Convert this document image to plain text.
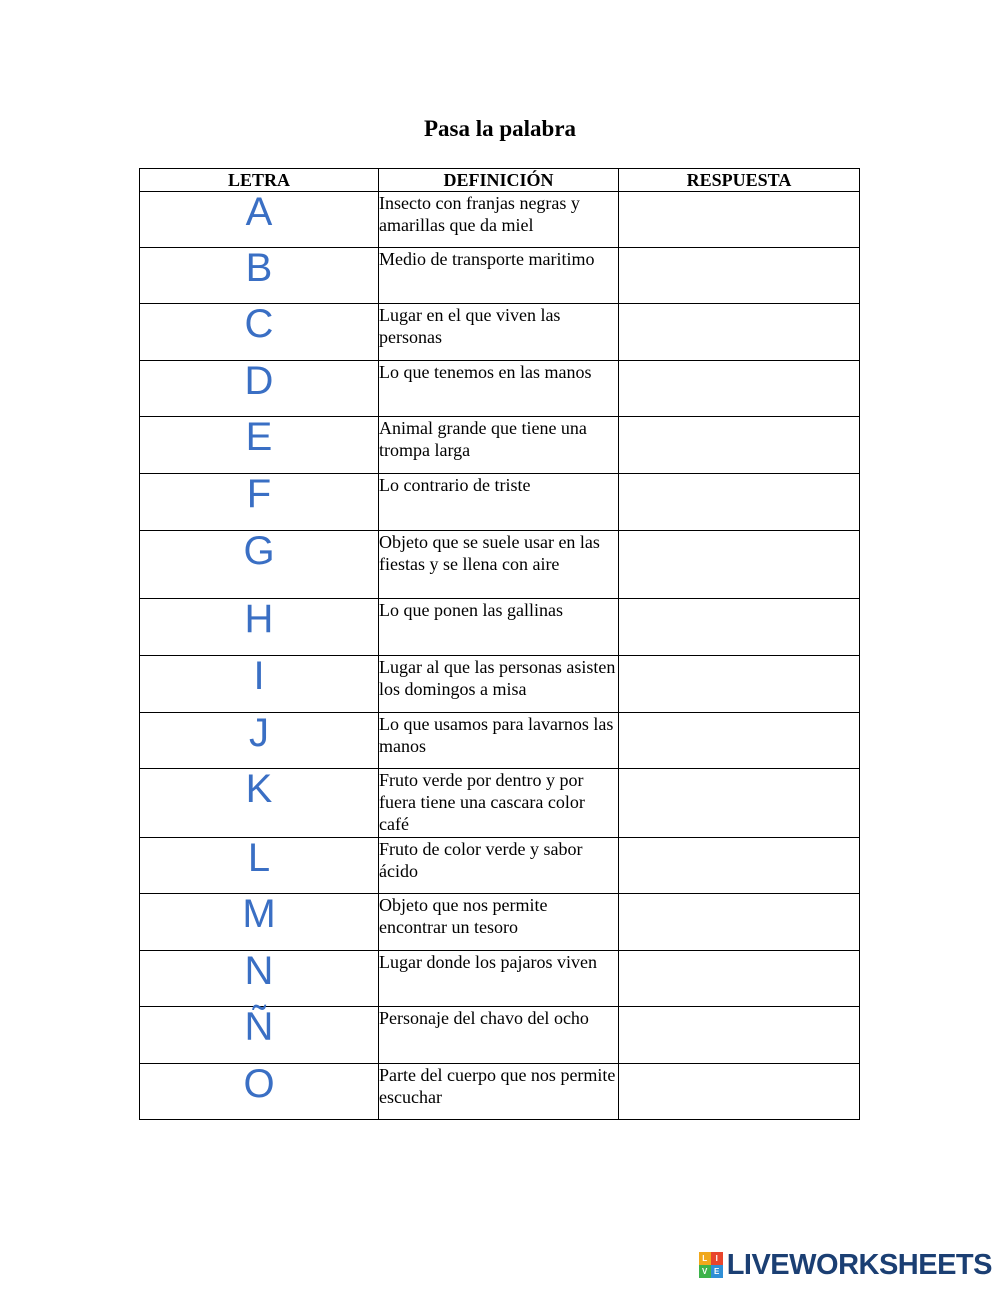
Pasa la palabra
LETRA	DEFINICIÓN	RESPUESTA
A	Insecto con franjas negras y amarillas que da miel	
B	Medio de transporte maritimo	
C	Lugar en el que viven las personas	
D	Lo que tenemos en las manos	
E	Animal grande que tiene una trompa larga	
F	Lo contrario de triste	
G	Objeto que se suele usar en las fiestas y se llena con aire	
H	Lo que ponen las gallinas	
I	Lugar al que las personas asisten los domingos a misa	
J	Lo que usamos para lavarnos las manos	
K	Fruto verde por dentro y por fuera tiene una cascara color café	
L	Fruto de color verde y sabor ácido	
M	Objeto que nos permite encontrar un tesoro	
N	Lugar donde los pajaros viven	
Ñ	Personaje del chavo del ocho	
O	Parte del cuerpo que nos permite escuchar	
L	I
V E LIVEWORKSHEETS
